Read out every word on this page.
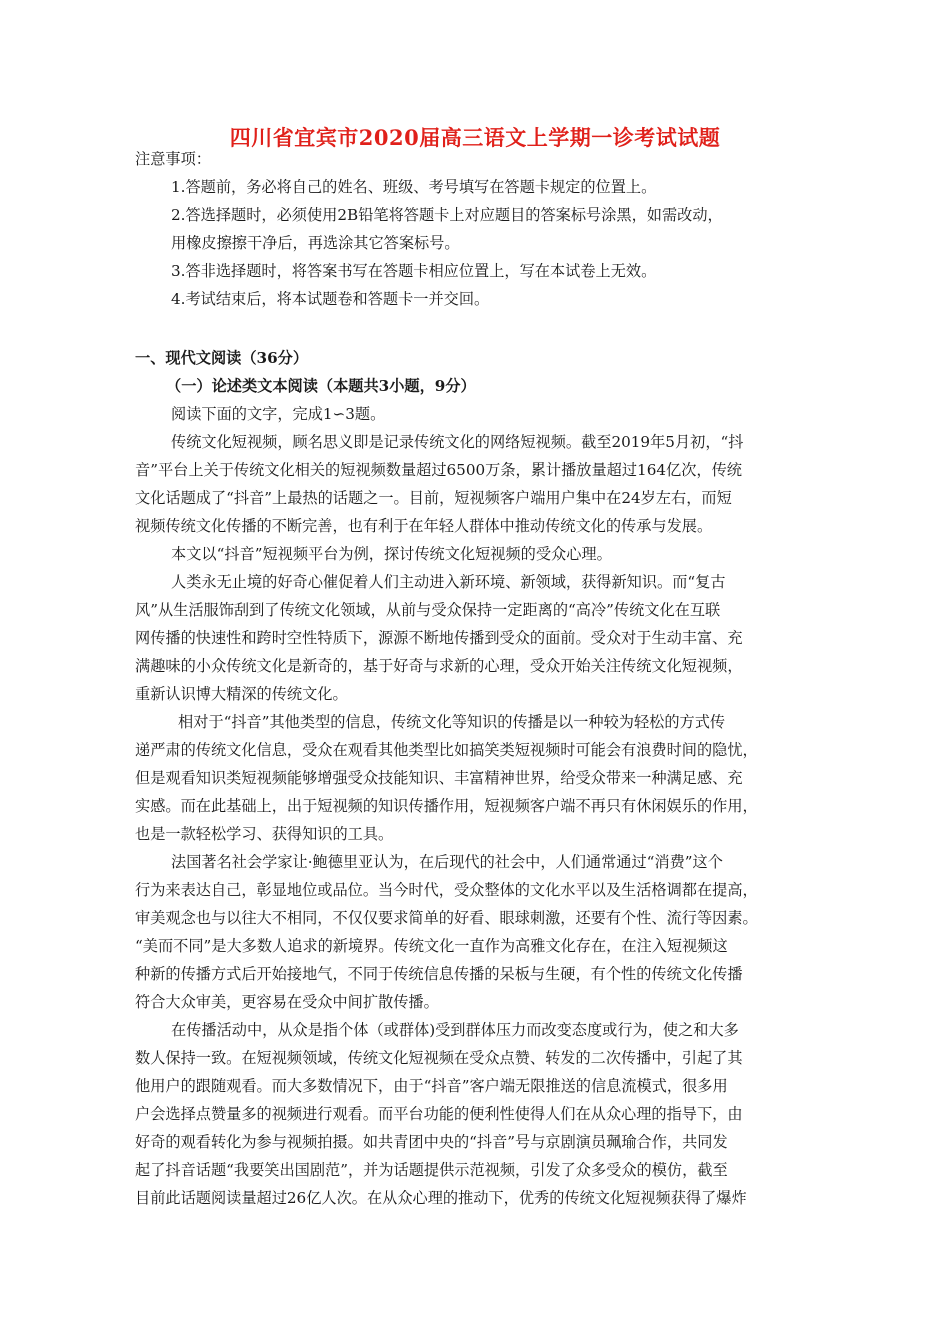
四川省宜宾市2020届高三语文上学期一诊考试试题
注意事项：
1.答题前，务必将自己的姓名、班级、考号填写在答题卡规定的位置上。
2.答选择题时，必须使用2B铅笔将答题卡上对应题目的答案标号涂黑，如需改动，
用橡皮擦擦干净后，再选涂其它答案标号。
3.答非选择题时，将答案书写在答题卡相应位置上，写在本试卷上无效。
4.考试结束后，将本试题卷和答题卡一并交回。
一、现代文阅读（36分）
（一）论述类文本阅读（本题共3小题，9分）
阅读下面的文字，完成1∽3题。
传统文化短视频，顾名思义即是记录传统文化的网络短视频。截至2019年5月初，“抖
音”平台上关于传统文化相关的短视频数量超过6500万条，累计播放量超过164亿次，传统
文化话题成了“抖音”上最热的话题之一。目前，短视频客户端用户集中在24岁左右，而短
视频传统文化传播的不断完善，也有利于在年轻人群体中推动传统文化的传承与发展。
本文以“抖音”短视频平台为例，探讨传统文化短视频的受众心理。
人类永无止境的好奇心催促着人们主动进入新环境、新领域，获得新知识。而“复古
风”从生活服饰刮到了传统文化领域，从前与受众保持一定距离的“高冷”传统文化在互联
网传播的快速性和跨时空性特质下，源源不断地传播到受众的面前。受众对于生动丰富、充
满趣味的小众传统文化是新奇的，基于好奇与求新的心理，受众开始关注传统文化短视频，
重新认识博大精深的传统文化。
相对于“抖音”其他类型的信息，传统文化等知识的传播是以一种较为轻松的方式传
递严肃的传统文化信息，受众在观看其他类型比如搞笑类短视频时可能会有浪费时间的隐忧，
但是观看知识类短视频能够增强受众技能知识、丰富精神世界，给受众带来一种满足感、充
实感。而在此基础上，出于短视频的知识传播作用，短视频客户端不再只有休闲娱乐的作用，
也是一款轻松学习、获得知识的工具。
法国著名社会学家让·鲍德里亚认为，在后现代的社会中，人们通常通过“消费”这个
行为来表达自己，彰显地位或品位。当今时代，受众整体的文化水平以及生活格调都在提高，
审美观念也与以往大不相同，不仅仅要求简单的好看、眼球刺激，还要有个性、流行等因素。
“美而不同”是大多数人追求的新境界。传统文化一直作为高雅文化存在，在注入短视频这
种新的传播方式后开始接地气，不同于传统信息传播的呆板与生硬，有个性的传统文化传播
符合大众审美，更容易在受众中间扩散传播。
在传播活动中，从众是指个体（或群体)受到群体压力而改变态度或行为，使之和大多
数人保持一致。在短视频领域，传统文化短视频在受众点赞、转发的二次传播中，引起了其
他用户的跟随观看。而大多数情况下，由于“抖音”客户端无限推送的信息流模式，很多用
户会选择点赞量多的视频进行观看。而平台功能的便利性使得人们在从众心理的指导下，由
好奇的观看转化为参与视频拍摄。如共青团中央的“抖音”号与京剧演员珮瑜合作，共同发
起了抖音话题“我要笑出国剧范”，并为话题提供示范视频，引发了众多受众的模仿，截至
目前此话题阅读量超过26亿人次。在从众心理的推动下，优秀的传统文化短视频获得了爆炸
